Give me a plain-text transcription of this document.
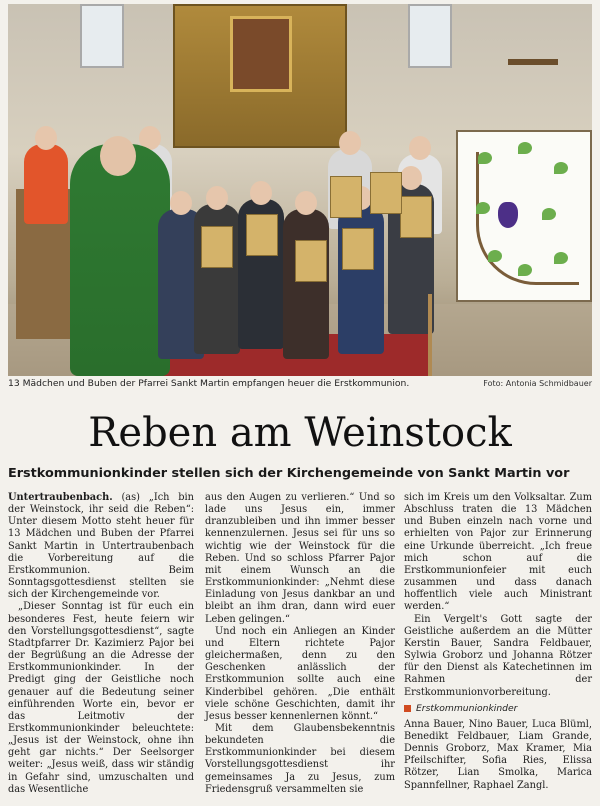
13 Mädchen und Buben der Pfarrei Sankt Martin empfangen heuer die Erstkommunion.	Foto: Antonia Schmidbauer
Reben am Weinstock
Erstkommunionkinder stellen sich der Kirchengemeinde von Sankt Martin vor

Untertraubenbach. (as) „Ich bin der Weinstock, ihr seid die Reben“: Unter diesem Motto steht heuer für 13 Mädchen und Buben der Pfarrei Sankt Martin in Untertraubenbach die Vorbereitung auf die Erstkommunion. Beim Sonntagsgottesdienst stellten sie sich der Kirchengemeinde vor.

„Dieser Sonntag ist für euch ein besonderes Fest, heute feiern wir den Vorstellungsgottesdienst“, sagte Stadtpfarrer Dr. Kazimierz Pajor bei der Begrüßung an die Adresse der Erstkommunionkinder. In der Predigt ging der Geistliche noch genauer auf die Bedeutung seiner einführenden Worte ein, bevor er das Leitmotiv der Erstkommunionkinder beleuchtete: „Jesus ist der Weinstock, ohne ihn geht gar nichts.“ Der Seelsorger weiter: „Jesus weiß, dass wir ständig in Gefahr sind, umzuschalten und das Wesentliche

aus den Augen zu verlieren.“ Und so lade uns Jesus ein, immer dranzubleiben und ihn immer besser kennenzulernen. Jesus sei für uns so wichtig wie der Weinstock für die Reben. Und so schloss Pfarrer Pajor mit einem Wunsch an die Erstkommunionkinder: „Nehmt diese Einladung von Jesus dankbar an und bleibt an ihm dran, dann wird euer Leben gelingen.“

Und noch ein Anliegen an Kinder und Eltern richtete Pajor gleichermaßen, denn zu den Geschenken anlässlich der Erstkommunion sollte auch eine Kinderbibel gehören. „Die enthält viele schöne Geschichten, damit ihr Jesus besser kennenlernen könnt.“

Mit dem Glaubensbekenntnis bekundeten die Erstkommunionkinder bei diesem Vorstellungsgottesdienst ihr gemeinsames Ja zu Jesus, zum Friedensgruß versammelten sie

sich im Kreis um den Volksaltar. Zum Abschluss traten die 13 Mädchen und Buben einzeln nach vorne und erhielten von Pajor zur Erinnerung eine Urkunde überreicht. „Ich freue mich schon auf die Erstkommunionfeier mit euch zusammen und dass danach hoffentlich viele auch Ministrant werden.“

Ein Vergelt's Gott sagte der Geistliche außerdem an die Mütter Kerstin Bauer, Sandra Feldbauer, Sylwia Groborz und Johanna Rötzer für den Dienst als Katechetinnen im Rahmen der Erstkommunionvorbereitung.

Erstkommunionkinder
Anna Bauer, Nino Bauer, Luca Blüml, Benedikt Feldbauer, Liam Grande, Dennis Groborz, Max Kramer, Mia Pfeilschifter, Sofia Ries, Elissa Rötzer, Lian Smolka, Marica Spannfellner, Raphael Zangl.
